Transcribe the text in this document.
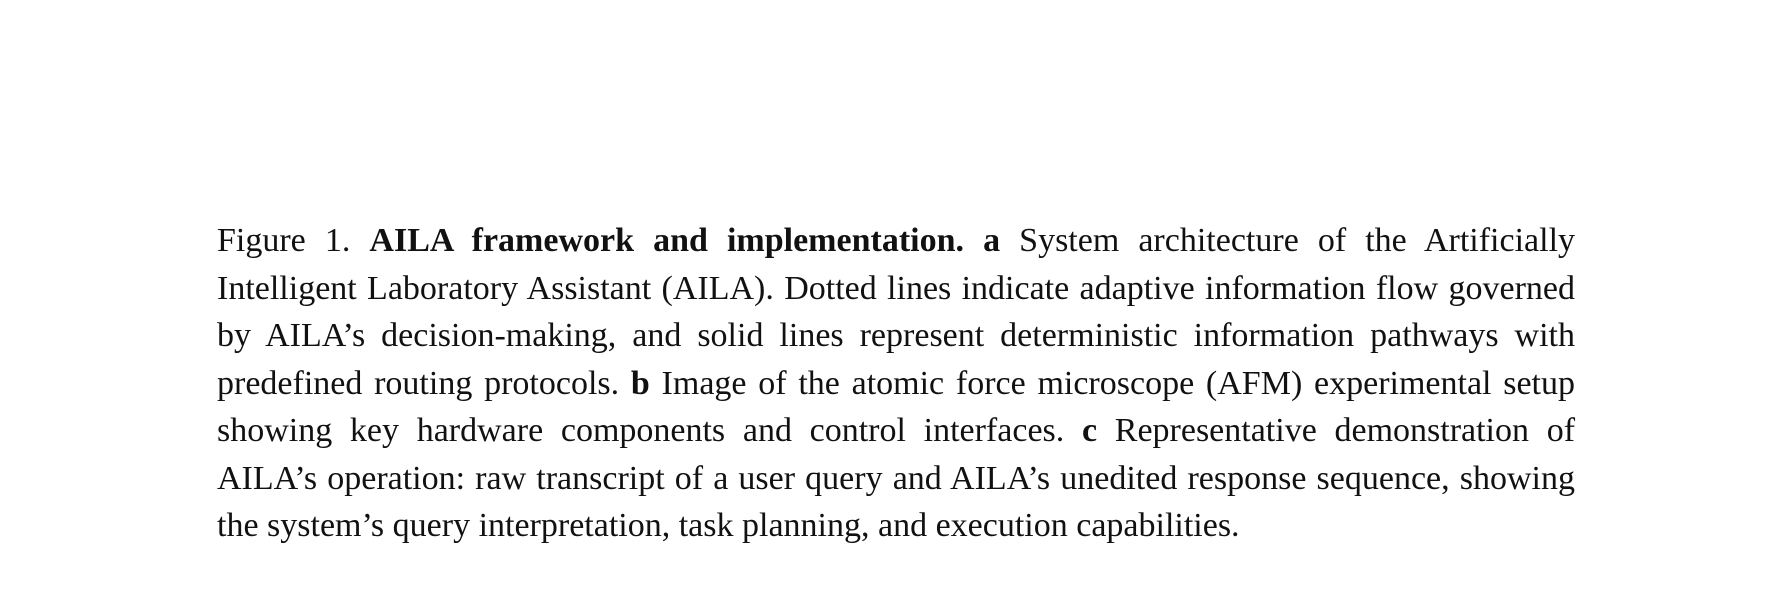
Figure 1. AILA framework and implementation. a System architecture of the Artificially Intelligent Laboratory Assistant (AILA). Dotted lines indicate adaptive information flow governed by AILA’s decision-making, and solid lines represent deterministic information pathways with predefined routing protocols. b Image of the atomic force microscope (AFM) experimental setup showing key hardware components and control interfaces. c Representative demonstration of AILA’s operation: raw transcript of a user query and AILA’s unedited response sequence, showing the system’s query interpretation, task planning, and execution capabilities.
